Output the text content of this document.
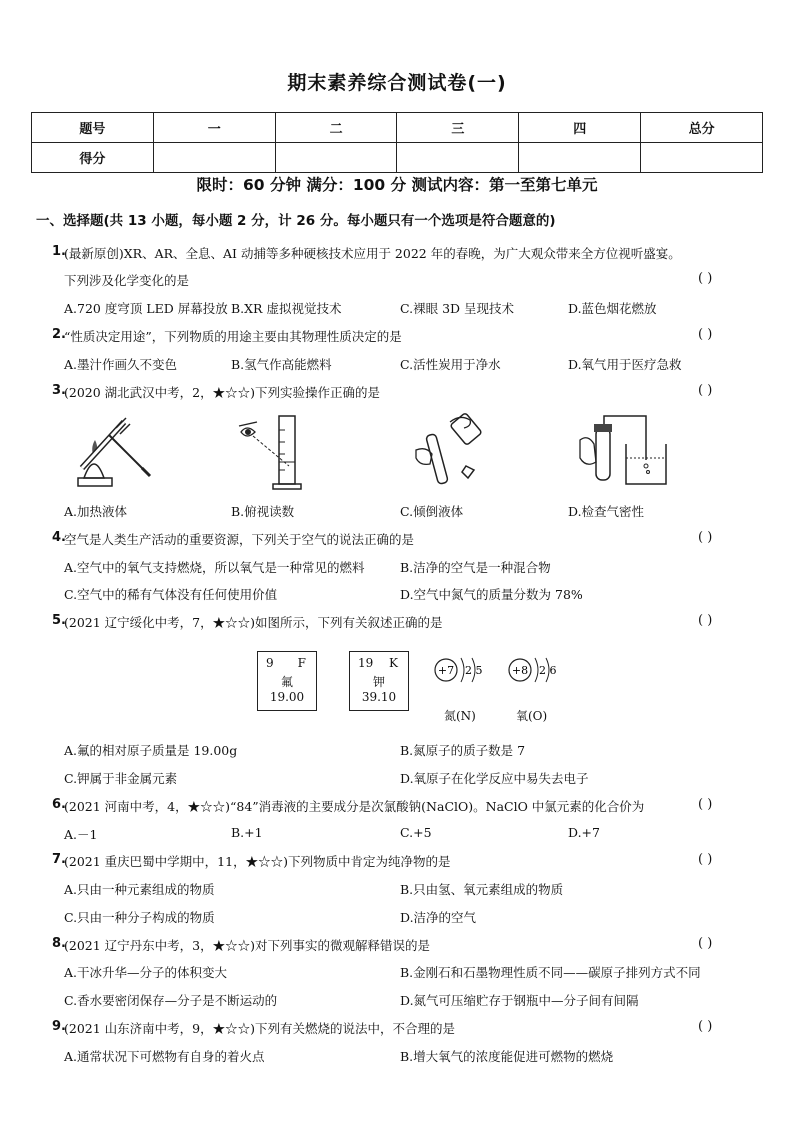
期末素养综合测试卷(一)
题号	一	二	三	四	总分
得分					
限时：60 分钟 满分：100 分 测试内容：第一至第七单元
一、选择题(共 13 小题，每小题 2 分，计 26 分。每小题只有一个选项是符合题意的)
1.
(最新原创)XR、AR、全息、AI 动捕等多种硬核技术应用于 2022 年的春晚，为广大观众带来全方位视听盛宴。
下列涉及化学变化的是	( )
A.720 度穹顶 LED 屏幕投放 B.XR 虚拟视觉技术	C.裸眼 3D 呈现技术	D.蓝色烟花燃放
2.
“性质决定用途”，下列物质的用途主要由其物理性质决定的是	( )
A.墨汁作画久不变色	B.氢气作高能燃料	C.活性炭用于净水	D.氧气用于医疗急救
3.
(2020 湖北武汉中考，2，★☆☆)下列实验操作正确的是	( )
A.加热液体	B.俯视读数	C.倾倒液体	D.检查气密性
4.
空气是人类生产活动的重要资源，下列关于空气的说法正确的是	( )
A.空气中的氧气支持燃烧，所以氧气是一种常见的燃料	B.洁净的空气是一种混合物
C.空气中的稀有气体没有任何使用价值	D.空气中氮气的质量分数为 78%
5.
(2021 辽宁绥化中考，7，★☆☆)如图所示，下列有关叙述正确的是	( )
9 F
氟
19.00
19 K
钾
39.10
+7 2 5	+8 2 6
氮(N)	氧(O)
A.氟的相对原子质量是 19.00g	B.氮原子的质子数是 7
C.钾属于非金属元素	D.氧原子在化学反应中易失去电子
6.
(2021 河南中考，4，★☆☆)“84”消毒液的主要成分是次氯酸钠(NaClO)。NaClO 中氯元素的化合价为	( )
A.－1	B.+1	C.+5	D.+7
7.
(2021 重庆巴蜀中学期中，11，★☆☆)下列物质中肯定为纯净物的是	( )
A.只由一种元素组成的物质	B.只由氢、氧元素组成的物质
C.只由一种分子构成的物质	D.洁净的空气
8.
(2021 辽宁丹东中考，3，★☆☆)对下列事实的微观解释错误的是	( )
A.干冰升华—分子的体积变大	B.金刚石和石墨物理性质不同——碳原子排列方式不同
C.香水要密闭保存—分子是不断运动的	D.氮气可压缩贮存于钢瓶中—分子间有间隔
9.
(2021 山东济南中考，9，★☆☆)下列有关燃烧的说法中，不合理的是	( )
A.通常状况下可燃物有自身的着火点	B.增大氧气的浓度能促进可燃物的燃烧
